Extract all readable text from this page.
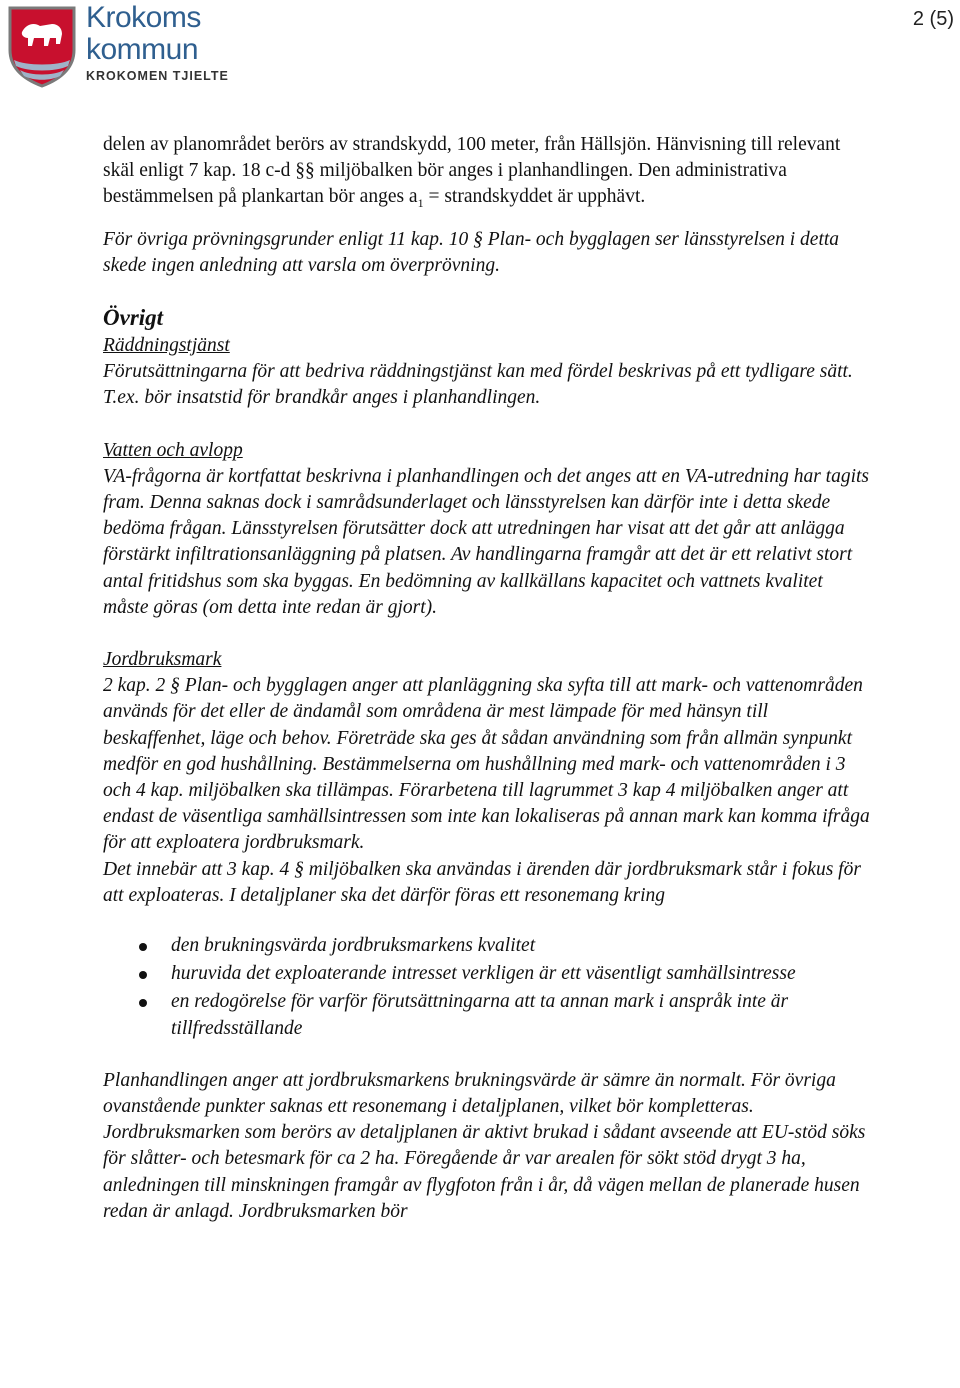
Krokoms
kommun
KROKOMEN TJIELTE
2 (5)

delen av planområdet berörs av strandskydd, 100 meter, från Hällsjön. Hänvisning till relevant skäl enligt 7 kap. 18 c-d §§ miljöbalken bör anges i planhandlingen. Den administrativa bestämmelsen på plankartan bör anges $a_1$ = strandskyddet är upphävt.

För övriga prövningsgrunder enligt 11 kap. 10 § Plan- och bygglagen ser länsstyrelsen i detta skede ingen anledning att varsla om överprövning.

Övrigt
Räddningstjänst

Förutsättningarna för att bedriva räddningstjänst kan med fördel beskrivas på ett tydligare sätt. T.ex. bör insatstid för brandkår anges i planhandlingen.

Vatten och avlopp

VA-frågorna är kortfattat beskrivna i planhandlingen och det anges att en VA-utredning har tagits fram. Denna saknas dock i samrådsunderlaget och länsstyrelsen kan därför inte i detta skede bedöma frågan. Länsstyrelsen förutsätter dock att utredningen har visat att det går att anlägga förstärkt infiltrationsanläggning på platsen. Av handlingarna framgår att det är ett relativt stort antal fritidshus som ska byggas. En bedömning av kallkällans kapacitet och vattnets kvalitet måste göras (om detta inte redan är gjort).

Jordbruksmark

2 kap. 2 § Plan- och bygglagen anger att planläggning ska syfta till att mark- och vattenområden används för det eller de ändamål som områdena är mest lämpade för med hänsyn till beskaffenhet, läge och behov. Företräde ska ges åt sådan användning som från allmän synpunkt medför en god hushållning. Bestämmelserna om hushållning med mark- och vattenområden i 3 och 4 kap. miljöbalken ska tillämpas. Förarbetena till lagrummet 3 kap 4 miljöbalken anger att endast de väsentliga samhällsintressen som inte kan lokaliseras på annan mark kan komma ifråga för att exploatera jordbruksmark.

Det innebär att 3 kap. 4 § miljöbalken ska användas i ärenden där jordbruksmark står i fokus för att exploateras. I detaljplaner ska det därför föras ett resonemang kring

den brukningsvärda jordbruksmarkens kvalitet
huruvida det exploaterande intresset verkligen är ett väsentligt samhällsintresse
en redogörelse för varför förutsättningarna att ta annan mark i anspråk inte är tillfredsställande

Planhandlingen anger att jordbruksmarkens brukningsvärde är sämre än normalt. För övriga ovanstående punkter saknas ett resonemang i detaljplanen, vilket bör kompletteras.

Jordbruksmarken som berörs av detaljplanen är aktivt brukad i sådant avseende att EU-stöd söks för slåtter- och betesmark för ca 2 ha. Föregående år var arealen för sökt stöd drygt 3 ha, anledningen till minskningen framgår av flygfoton från i år, då vägen mellan de planerade husen redan är anlagd. Jordbruksmarken bör
